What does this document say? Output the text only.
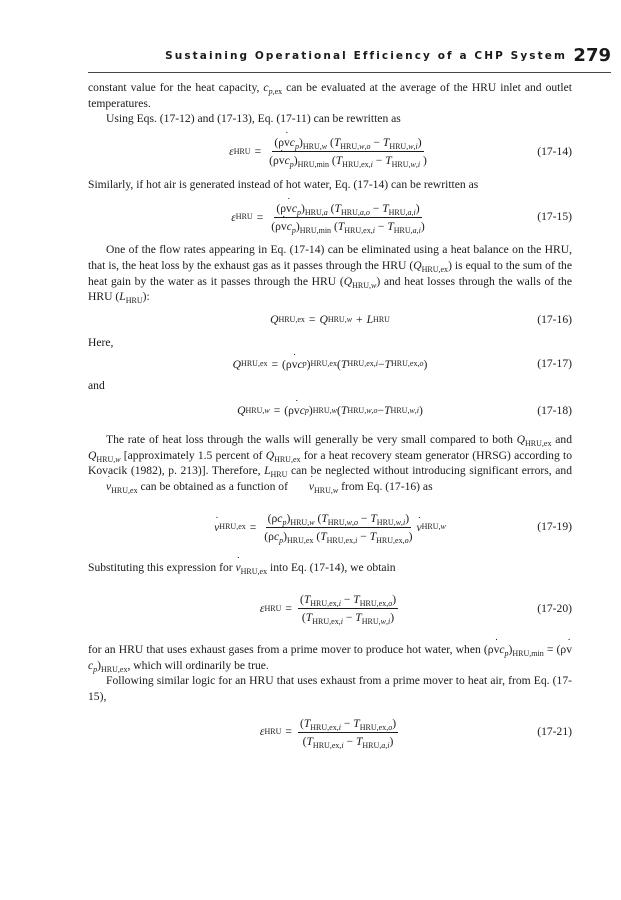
Sustaining Operational Efficiency of a CHP System 279

constant value for the heat capacity, $c_{p,ex}$ can be evaluated at the average of the HRU inlet and outlet temperatures.

Using Eqs. (17-12) and (17-13), Eq. (17-11) can be rewritten as

ε HRU = $\frac{(\rho v ˙c_p)_{HRU,w} (T_{HRU,w,o} - T_{HRU,w,i})}{(\rho v ˙c_p)_{HRU,min} (T_{HRU,ex,i} - T_{HRU,w,i} )}$	(17-14)

Similarly, if hot air is generated instead of hot water, Eq. (17-14) can be rewritten as

ε HRU = $\frac{(\rho v ˙c_p)_{HRU,a} (T_{HRU,a,o} - T_{HRU,a,i})}{(\rho v ˙c_p)_{HRU,min} (T_{HRU,ex,i} - T_{HRU,a,i})}$	(17-15)

One of the flow rates appearing in Eq. (17-14) can be eliminated using a heat balance on the HRU, that is, the heat loss by the exhaust gas as it passes through the HRU $(Q_{HRU,ex})$ is equal to the sum of the heat gain by the water as it passes through the HRU $(Q_{HRU,w})$ and heat losses through the walls of the HRU $(L_{HRU})$:

Q HRU,ex = Q HRU,w + L HRU	(17-16)

Here,

Q HRU,ex = (ρ v ˙ c p ) HRU,ex ( T HRU,ex,i − T HRU,ex,o )	(17-17)

and

Q HRU,w = (ρ v ˙ c p ) HRU,w ( T HRU,w,o − T HRU,w,i )	(17-18)

The rate of heat loss through the walls will generally be very small compared to both $Q_{HRU,ex}$ and $Q_{HRU,w}$ [approximately 1.5 percent of $Q_{HRU,ex}$ for a heat recovery steam generator (HRSG) according to Kovacik (1982), p. 213)]. Therefore, $L_{HRU}$ can be neglected without introducing significant errors, and v $˙_{HRU,ex}$ can be obtained as a function of v $˙_{HRU,w}$ from Eq. (17-16) as

v ˙ $HRU,ex = \frac{(\rho c_p)_{HRU,w} (T_{HRU,w,o} - T_{HRU,w,i})}{(\rho c_p)_{HRU,ex} (T_{HRU,ex,i} - T_{HRU,ex,o})}$ v ˙ HRU,w	(17-19)

Substituting this expression for v $˙_{HRU,ex}$ into Eq. (17-14), we obtain

ε HRU = $\frac{(T_{HRU,ex,i} - T_{HRU,ex,o})}{(T_{HRU,ex,i} - T_{HRU,w,i})}$	(17-20)

for an HRU that uses exhaust gases from a prime mover to produce hot water, when (ρv $˙c_p)_{HRU,min} = (\rho v$ $˙c_p)_{HRU,ex}$, which will ordinarily be true.

Following similar logic for an HRU that uses exhaust from a prime mover to heat air, from Eq. (17-15),

ε HRU = $\frac{(T_{HRU,ex,i} - T_{HRU,ex,o})}{(T_{HRU,ex,i} - T_{HRU,a,i})}$	(17-21)
